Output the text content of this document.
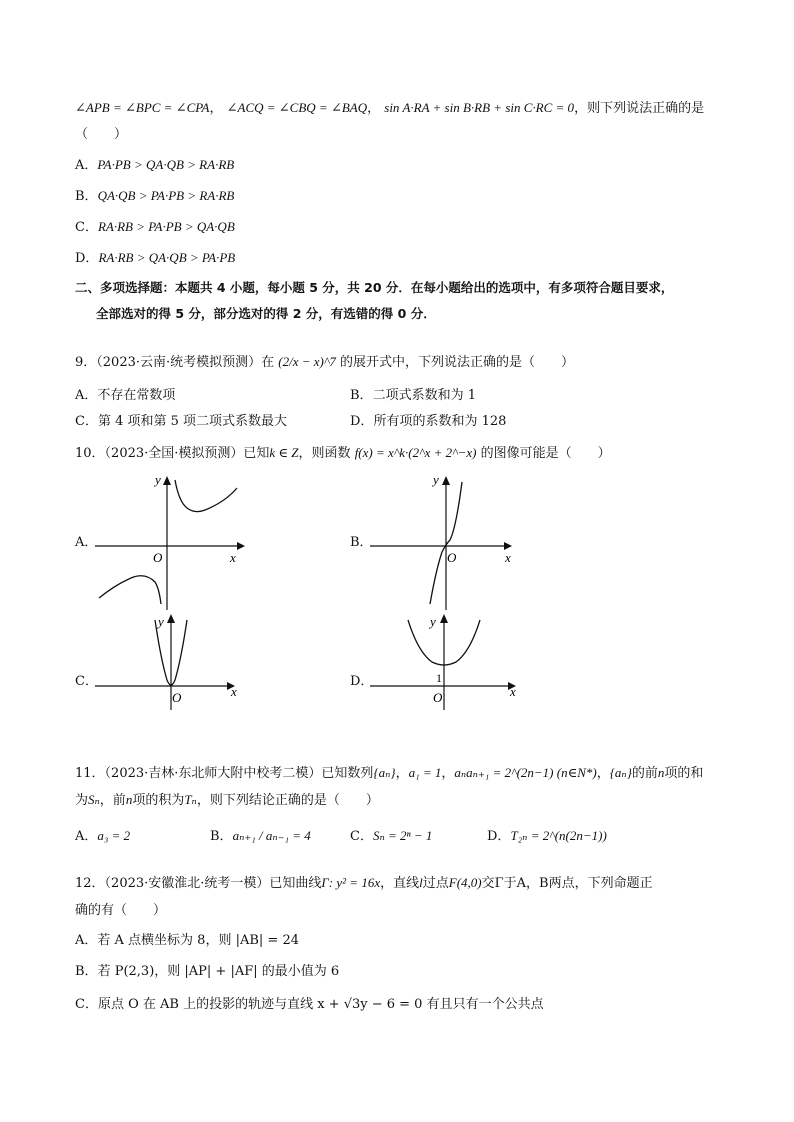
∠APB = ∠BPC = ∠CPA， ∠ACQ = ∠CBQ = ∠BAQ， sin A·RA + sin B·RB + sin C·RC = 0，则下列说法正确的是
（　　）
A．PA·PB > QA·QB > RA·RB
B．QA·QB > PA·PB > RA·RB
C．RA·RB > PA·PB > QA·QB
D．RA·RB > QA·QB > PA·PB
二、多项选择题：本题共 4 小题，每小题 5 分，共 20 分．在每小题给出的选项中，有多项符合题目要求，
全部选对的得 5 分，部分选对的得 2 分，有选错的得 0 分．
9．（2023·云南·统考模拟预测）在 (2/x − x)^7 的展开式中，下列说法正确的是（　　）
A．不存在常数项	B．二项式系数和为 1
C．第 4 项和第 5 项二项式系数最大	D．所有项的系数和为 128
10．（2023·全国·模拟预测）已知k ∈ Z，则函数 f(x) = x^k·(2^x + 2^−x) 的图像可能是（　　）
A．	B．
C．	D．
y
x
O
y
x
O
y
x
O
y
x
O
1
11．（2023·吉林·东北师大附中校考二模）已知数列{aₙ}，a₁ = 1，aₙaₙ₊₁ = 2^(2n−1) (n∈N*)，{aₙ}的前n项的和
为Sₙ，前n项的积为Tₙ，则下列结论正确的是（　　）
A．a₃ = 2	B．aₙ₊₁ / aₙ₋₁ = 4	C．Sₙ = 2ⁿ − 1	D．T₂ₙ = 2^(n(2n−1))
12．（2023·安徽淮北·统考一模）已知曲线Γ: y² = 16x，直线l过点F(4,0)交Γ于A，B两点，下列命题正
确的有（　　）
A．若 A 点横坐标为 8，则 |AB| = 24
B．若 P(2,3)，则 |AP| + |AF| 的最小值为 6
C．原点 O 在 AB 上的投影的轨迹与直线 x + √3y − 6 = 0 有且只有一个公共点
